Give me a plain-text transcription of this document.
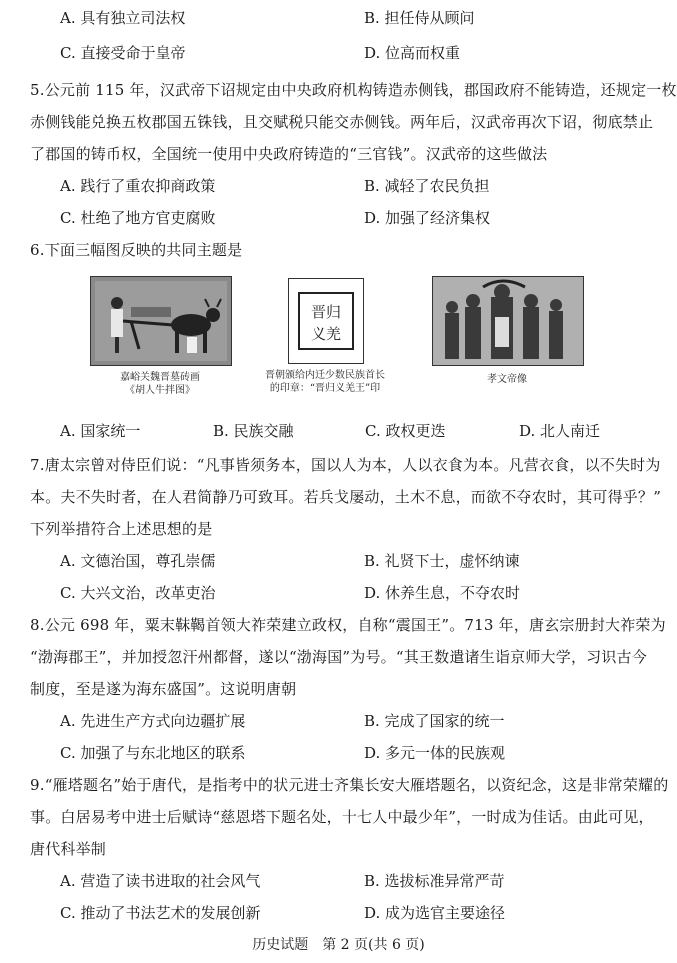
A. 具有独立司法权	B. 担任侍从顾问
C. 直接受命于皇帝	D. 位高而权重
5.公元前 115 年，汉武帝下诏规定由中央政府机构铸造赤侧钱，郡国政府不能铸造，还规定一枚
赤侧钱能兑换五枚郡国五铢钱，且交赋税只能交赤侧钱。两年后，汉武帝再次下诏，彻底禁止
了郡国的铸币权，全国统一使用中央政府铸造的“三官钱”。汉武帝的这些做法
A. 践行了重农抑商政策	B. 减轻了农民负担
C. 杜绝了地方官吏腐败	D. 加强了经济集权
6.下面三幅图反映的共同主题是
嘉峪关魏晋墓砖画
《胡人牛拌图》
晋归
义羌
晋朝颁给内迁少数民族首长
的印章：“晋归义羌王”印
孝文帝像
A. 国家统一	B. 民族交融	C. 政权更迭	D. 北人南迁
7.唐太宗曾对侍臣们说：“凡事皆须务本，国以人为本，人以衣食为本。凡营衣食，以不失时为
本。夫不失时者，在人君简静乃可致耳。若兵戈屡动，土木不息，而欲不夺农时，其可得乎？”
下列举措符合上述思想的是
A. 文德治国，尊孔崇儒	B. 礼贤下士，虚怀纳谏
C. 大兴文治，改革吏治	D. 休养生息，不夺农时
8.公元 698 年，粟末靺鞨首领大祚荣建立政权，自称“震国王”。713 年，唐玄宗册封大祚荣为
“渤海郡王”，并加授忽汗州都督，遂以“渤海国”为号。“其王数遣诸生诣京师大学，习识古今
制度，至是遂为海东盛国”。这说明唐朝
A. 先进生产方式向边疆扩展	B. 完成了国家的统一
C. 加强了与东北地区的联系	D. 多元一体的民族观
9.“雁塔题名”始于唐代，是指考中的状元进士齐集长安大雁塔题名，以资纪念，这是非常荣耀的
事。白居易考中进士后赋诗“慈恩塔下题名处，十七人中最少年”，一时成为佳话。由此可见，
唐代科举制
A. 营造了读书进取的社会风气	B. 选拔标准异常严苛
C. 推动了书法艺术的发展创新	D. 成为选官主要途径
历史试题　第 2 页(共 6 页)
